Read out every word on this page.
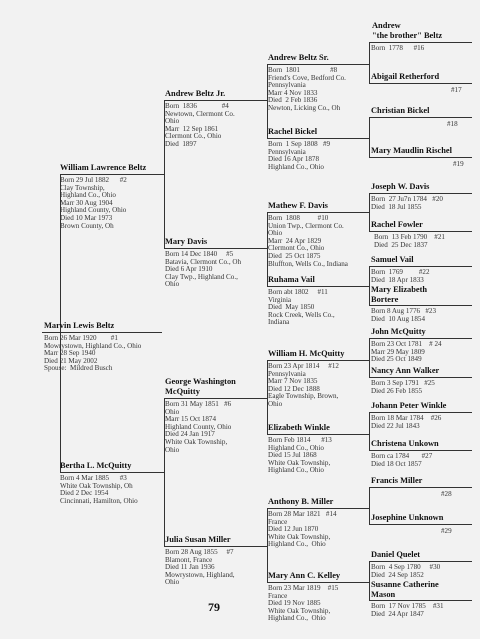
Marvin Lewis Beltz
Born 26 Mar 1920        #1
Mowrystown, Highland Co., Ohio
Marr 28 Sep 1940
Died 21 May 2002
Spouse:  Mildred Busch
William Lawrence Beltz
Born 29 Jul 1882      #2
Clay Township,
Highland Co., Ohio
Marr 30 Aug 1904
Highland County, Ohio
Died 10 Mar 1973
Brown County, Oh
Bertha L. McQuitty
Born 4 Mar 1885      #3
White Oak Township, Oh
Died 2 Dec 1954
Cincinnati, Hamilton, Ohio
Andrew Beltz Jr.
Born  1836              #4
Newtown, Clermont Co.
Ohio
Marr  12 Sep 1861
Clermont Co., Ohio
Died  1897
Mary Davis
Born 14 Dec 1840     #5
Batavia, Clermont Co., Oh
Died 6 Apr 1910
Clay Twp., Highland Co.,
Ohio
George Washington
McQuitty
Born 31 May 1851   #6
Ohio
Marr 15 Oct 1874
Highland County, Ohio
Died 24 Jan 1917
White Oak Township,
Ohio
Julia Susan Miller
Born 28 Aug 1855     #7
Blamont, France
Died 11 Jan 1936
Mowrystown, Highland,
Ohio
Andrew Beltz Sr.
Born  1801                 #8
Friend's Cove, Bedford Co.
Pennsylvania
Marr 4 Nov 1833
Died  2 Feb 1836
Newton, Licking Co., Oh
Rachel Bickel
Born  1 Sep 1808   #9
Pennsylvania
Died 16 Apr 1878
Highland Co., Ohio
Mathew F. Davis
Born  1808          #10
Union Twp., Clermont Co.
Ohio
Marr  24 Apr 1829
Clermont Co., Ohio
Died  25 Oct 1875
Bluffton, Wells Co., Indiana
Ruhama Vail
Born abt 1802     #11
Virginia
Died  May 1850
Rock Creek, Wells Co.,
Indiana
William H. McQuitty
Born 23 Apr 1814     #12
Pennsylvania
Marr 7 Nov 1835
Died 12 Dec 1888
Eagle Township, Brown,
Ohio
Elizabeth Winkle
Born Feb 1814      #13
Highland Co., Ohio
Died 15 Jul 1868
White Oak Township,
Highland Co., Ohio
Anthony B. Miller
Born 28 Mar 1821   #14
France
Died 12 Jun 1870
White Oak Township,
Highland Co.,  Ohio
Mary Ann C. Kelley
Born 23 Mar 1819    #15
France
Died 19 Nov 1885
White Oak Township,
Highland Co.,  Ohio
Andrew
"the brother" Beltz
Born  1778      #16
Abigail Retherford
#17
Christian Bickel
#18
Mary Maudlin Rischel
#19
Joseph W. Davis
Born  27 Ju7n 1784   #20
Died  18 Jul 1855
Rachel Fowler
Born  13 Feb 1790    #21
Died  25 Dec 1837
Samuel Vail
Born  1769         #22
Died  18 Apr 1833
Mary Elizabeth
Bortere
Born 8 Aug 1776   #23
Died  10 Aug 1854
John McQuitty
Born 23 Oct 1781    # 24
Marr 29 May 1809
Died 25 Oct 1849
Nancy Ann Walker
Born 3 Sep 1791   #25
Died 26 Feb 1855
Johann Peter Winkle
Born 18 Mar 1784    #26
Died 22 Jul 1843
Christena Unkown
Born ca 1784       #27
Died 18 Oct 1857
Francis Miller
#28
Josephine Unknown
#29
Daniel Quelet
Born  4 Sep 1780     #30
Died  24 Sep 1852
Susanne Catherine
Mason
Born  17 Nov 1785    #31
Died  24 Apr 1847
79
